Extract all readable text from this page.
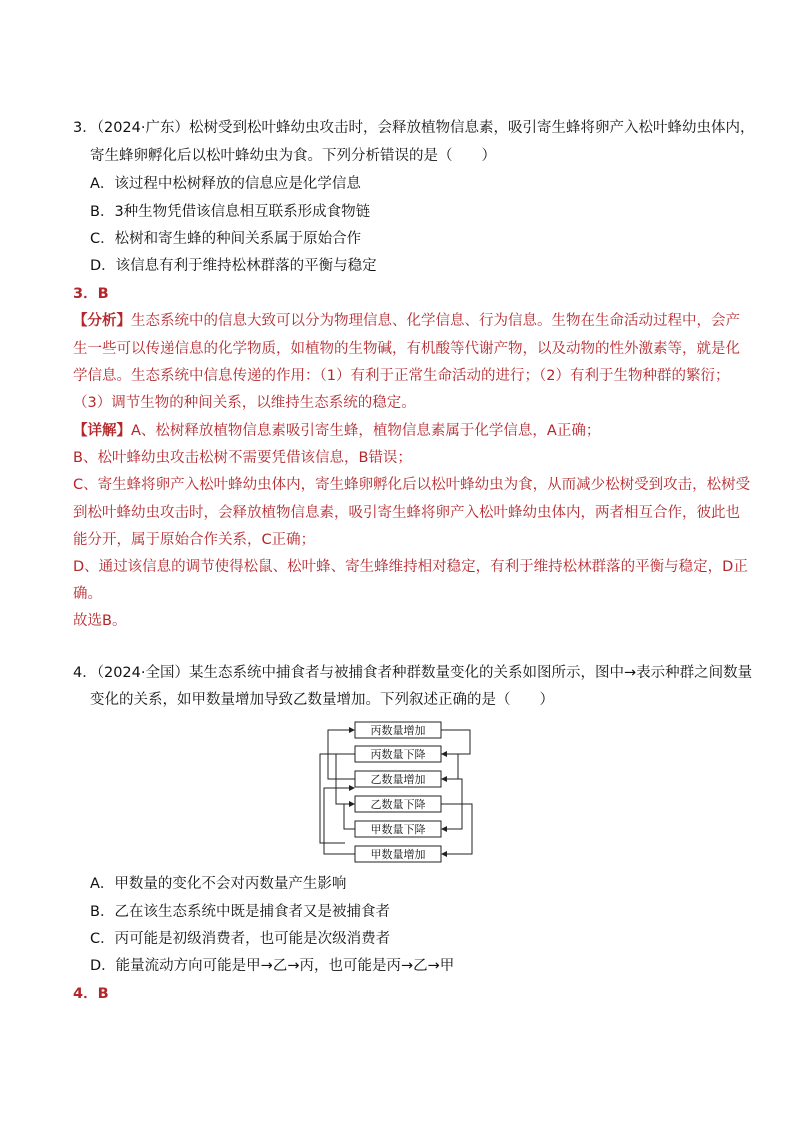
3．（2024·广东）松树受到松叶蜂幼虫攻击时，会释放植物信息素，吸引寄生蜂将卵产入松叶蜂幼虫体内，
寄生蜂卵孵化后以松叶蜂幼虫为食。下列分析错误的是（　　）
A．该过程中松树释放的信息应是化学信息
B．3种生物凭借该信息相互联系形成食物链
C．松树和寄生蜂的种间关系属于原始合作
D．该信息有利于维持松林群落的平衡与稳定
3．B
【分析】生态系统中的信息大致可以分为物理信息、化学信息、行为信息。生物在生命活动过程中，会产
生一些可以传递信息的化学物质，如植物的生物碱，有机酸等代谢产物，以及动物的性外激素等，就是化
学信息。生态系统中信息传递的作用：（1）有利于正常生命活动的进行；（2）有利于生物种群的繁衍；
（3）调节生物的种间关系，以维持生态系统的稳定。
【详解】A、松树释放植物信息素吸引寄生蜂，植物信息素属于化学信息，A正确；
B、松叶蜂幼虫攻击松树不需要凭借该信息，B错误；
C、寄生蜂将卵产入松叶蜂幼虫体内，寄生蜂卵孵化后以松叶蜂幼虫为食，从而减少松树受到攻击，松树受
到松叶蜂幼虫攻击时，会释放植物信息素，吸引寄生蜂将卵产入松叶蜂幼虫体内，两者相互合作，彼此也
能分开，属于原始合作关系，C正确；
D、通过该信息的调节使得松鼠、松叶蜂、寄生蜂维持相对稳定，有利于维持松林群落的平衡与稳定，D正
确。
故选B。
4．（2024·全国）某生态系统中捕食者与被捕食者种群数量变化的关系如图所示，图中→表示种群之间数量
变化的关系，如甲数量增加导致乙数量增加。下列叙述正确的是（　　）
丙数量增加
丙数量下降
乙数量增加
乙数量下降
甲数量下降
甲数量增加
A．甲数量的变化不会对丙数量产生影响
B．乙在该生态系统中既是捕食者又是被捕食者
C．丙可能是初级消费者，也可能是次级消费者
D．能量流动方向可能是甲→乙→丙，也可能是丙→乙→甲
4．B
